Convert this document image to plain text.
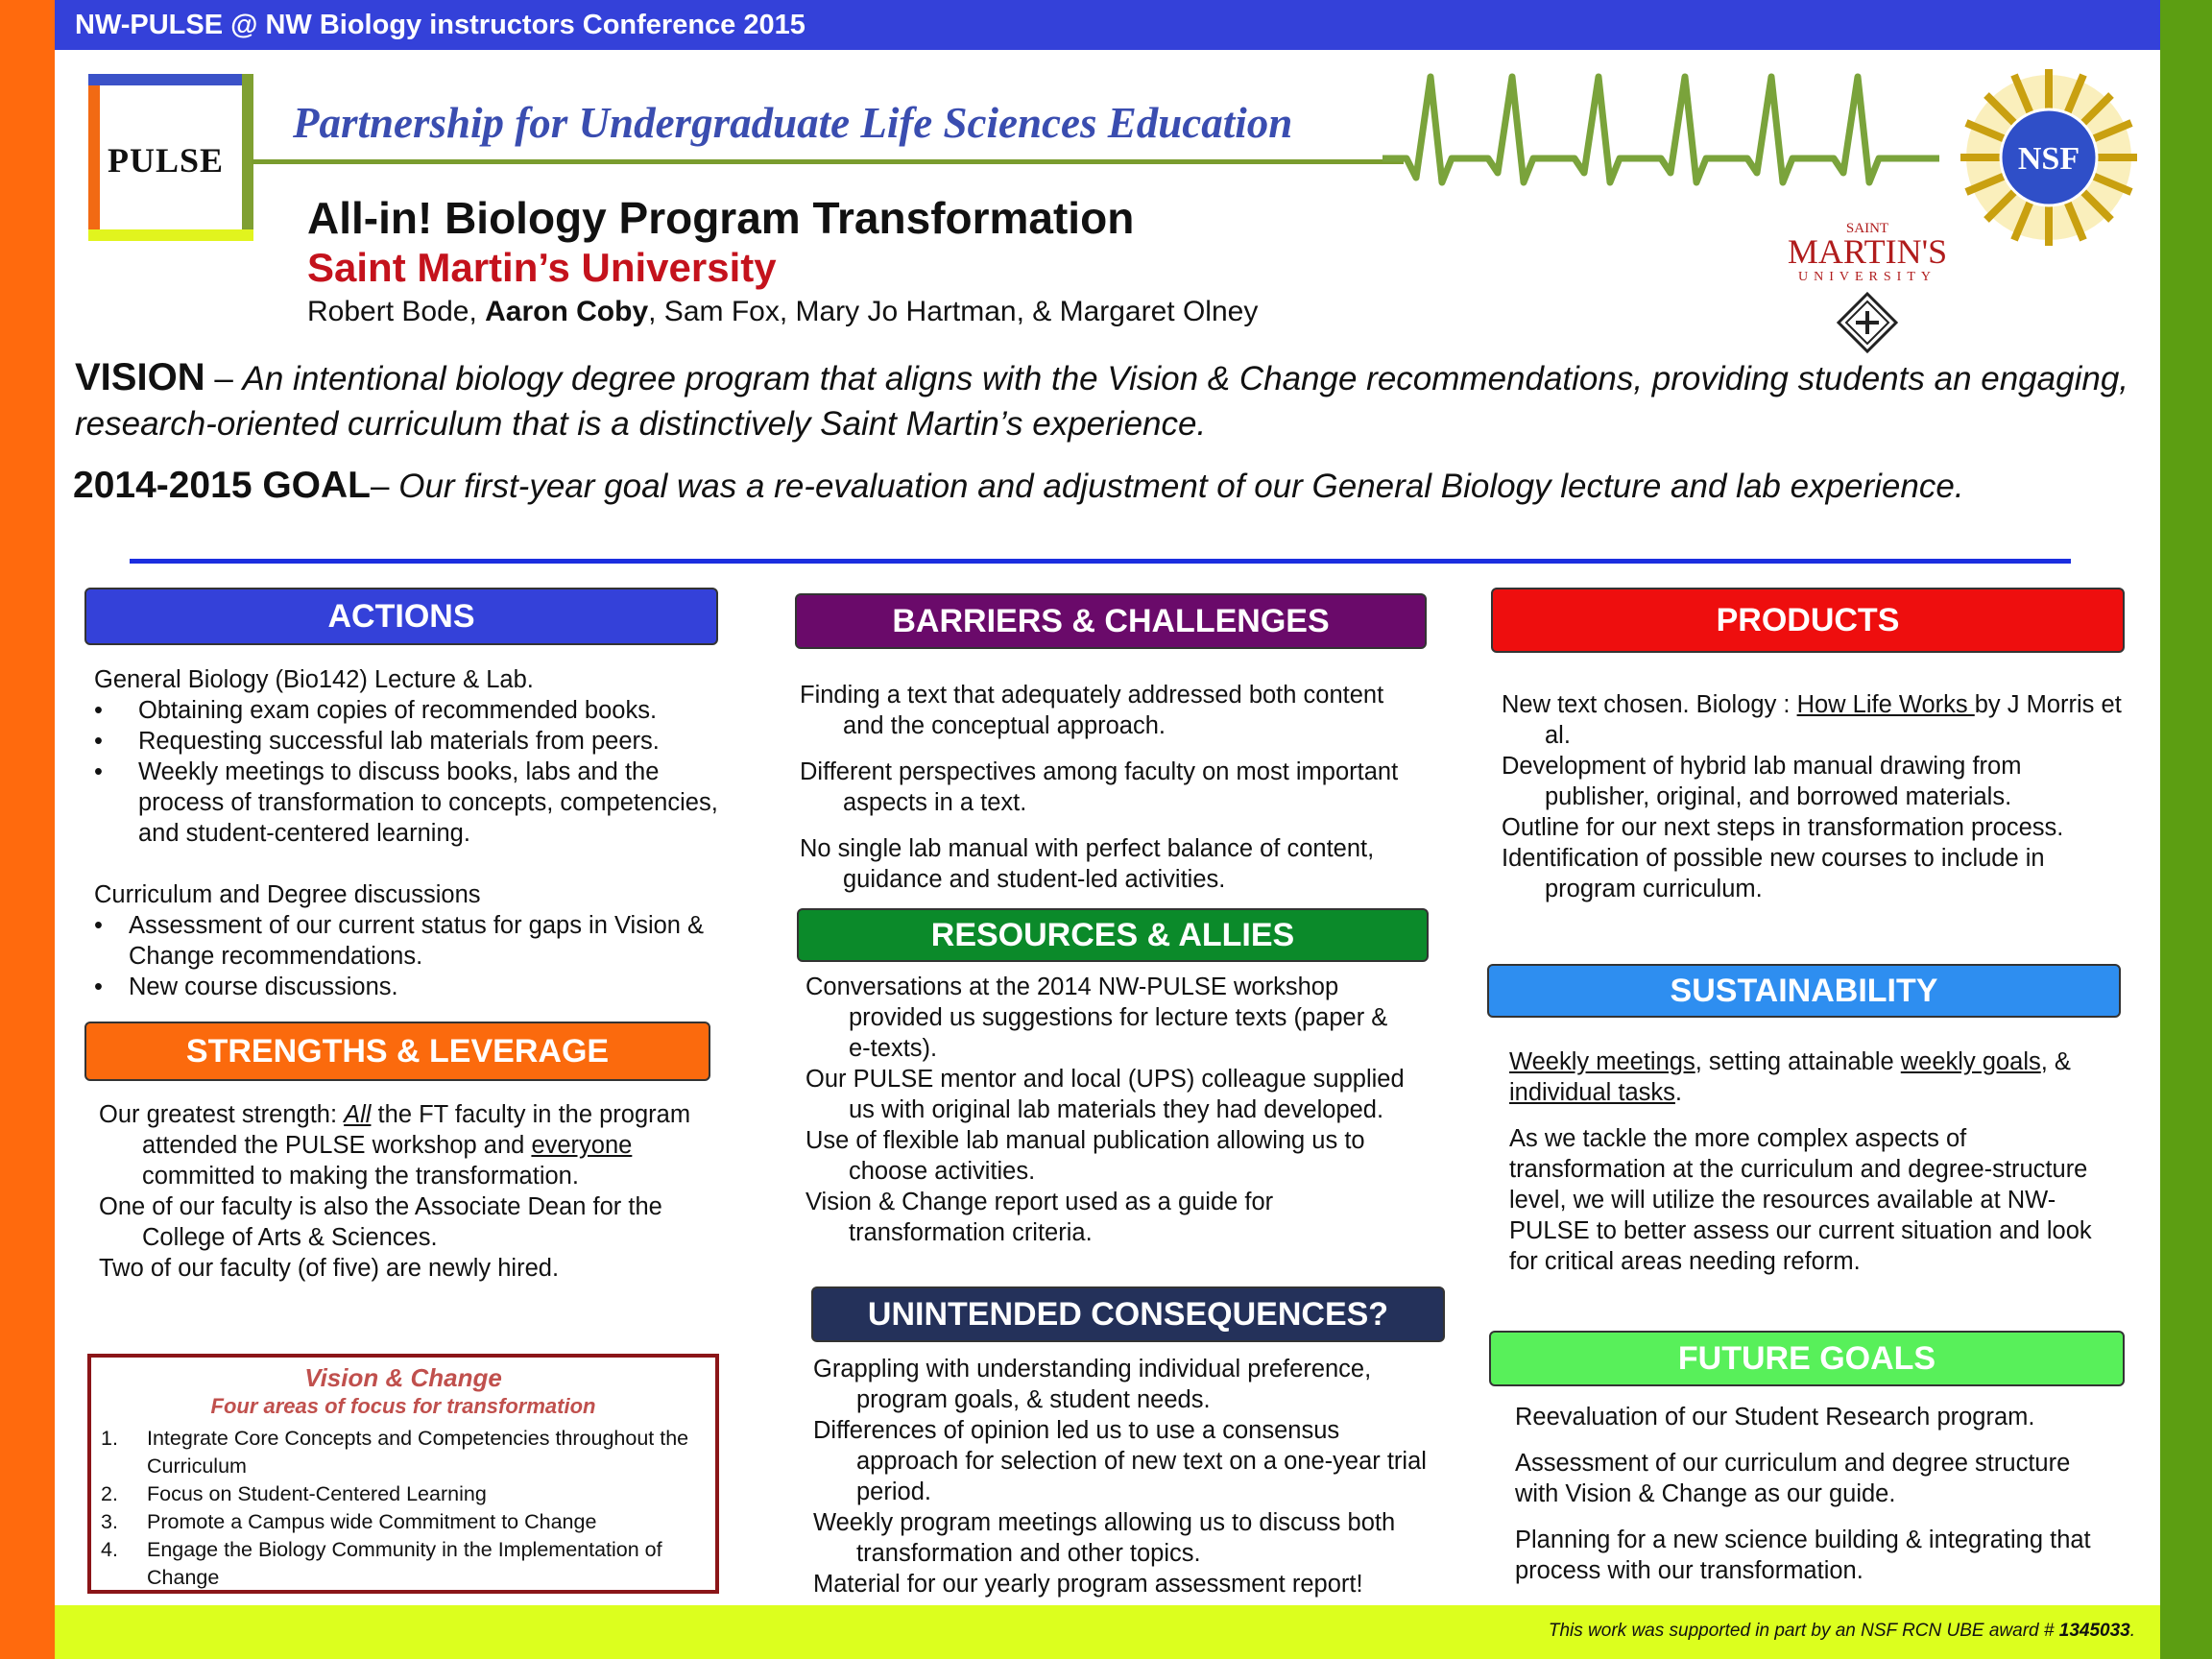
NW-PULSE @ NW Biology instructors Conference 2015
PULSE
Partnership for Undergraduate Life Sciences Education
NSF
All-in! Biology Program Transformation
Saint Martin’s University
Robert Bode, Aaron Coby, Sam Fox, Mary Jo Hartman, & Margaret Olney
SAINT
MARTIN'S
UNIVERSITY
VISION – An intentional biology degree program that aligns with the Vision & Change recommendations, providing students an engaging, research-oriented curriculum that is a distinctively Saint Martin’s experience.
2014-2015 GOAL– Our first-year goal was a re-evaluation and adjustment of our General Biology lecture and lab experience.
ACTIONS

General Biology (Bio142) Lecture & Lab.

•	Obtaining exam copies of recommended books.
•	Requesting successful lab materials from peers.
•	Weekly meetings to discuss books, labs and the process of transformation to concepts, competencies, and student-centered learning.

Curriculum and Degree discussions

•	Assessment of our current status for gaps in Vision & Change recommendations.
•	New course discussions.
STRENGTHS & LEVERAGE

Our greatest strength: All the FT faculty in the program attended the PULSE workshop and everyone committed to making the transformation.

One of our faculty is also the Associate Dean for the College of Arts & Sciences.

Two of our faculty (of five) are newly hired.

Vision & Change
Four areas of focus for transformation
1.	Integrate Core Concepts and Competencies throughout the Curriculum
2.	Focus on Student-Centered Learning
3.	Promote a Campus wide Commitment to Change
4.	Engage the Biology Community in the Implementation of Change
BARRIERS & CHALLENGES

Finding a text that adequately addressed both content and the conceptual approach.

Different perspectives among faculty on most important aspects in a text.

No single lab manual with perfect balance of content, guidance and student-led activities.

RESOURCES & ALLIES

Conversations at the 2014 NW-PULSE workshop provided us suggestions for lecture texts (paper & e-texts).

Our PULSE mentor and local (UPS) colleague supplied us with original lab materials they had developed.

Use of flexible lab manual publication allowing us to choose activities.

Vision & Change report used as a guide for transformation criteria.

UNINTENDED CONSEQUENCES?

Grappling with understanding individual preference, program goals, & student needs.

Differences of opinion led us to use a consensus approach for selection of new text on a one-year trial period.

Weekly program meetings allowing us to discuss both transformation and other topics.

Material for our yearly program assessment report!

PRODUCTS

New text chosen. Biology : How Life Works by J Morris et al.

Development of hybrid lab manual drawing from publisher, original, and borrowed materials.

Outline for our next steps in transformation process.

Identification of possible new courses to include in program curriculum.

SUSTAINABILITY

Weekly meetings, setting attainable weekly goals, & individual tasks.

As we tackle the more complex aspects of transformation at the curriculum and degree-structure level, we will utilize the resources available at NW-PULSE to better assess our current situation and look for critical areas needing reform.

FUTURE GOALS

Reevaluation of our Student Research program.

Assessment of our curriculum and degree structure with Vision & Change as our guide.

Planning for a new science building & integrating that process with our transformation.

This work was supported in part by an NSF RCN UBE award # 1345033.
